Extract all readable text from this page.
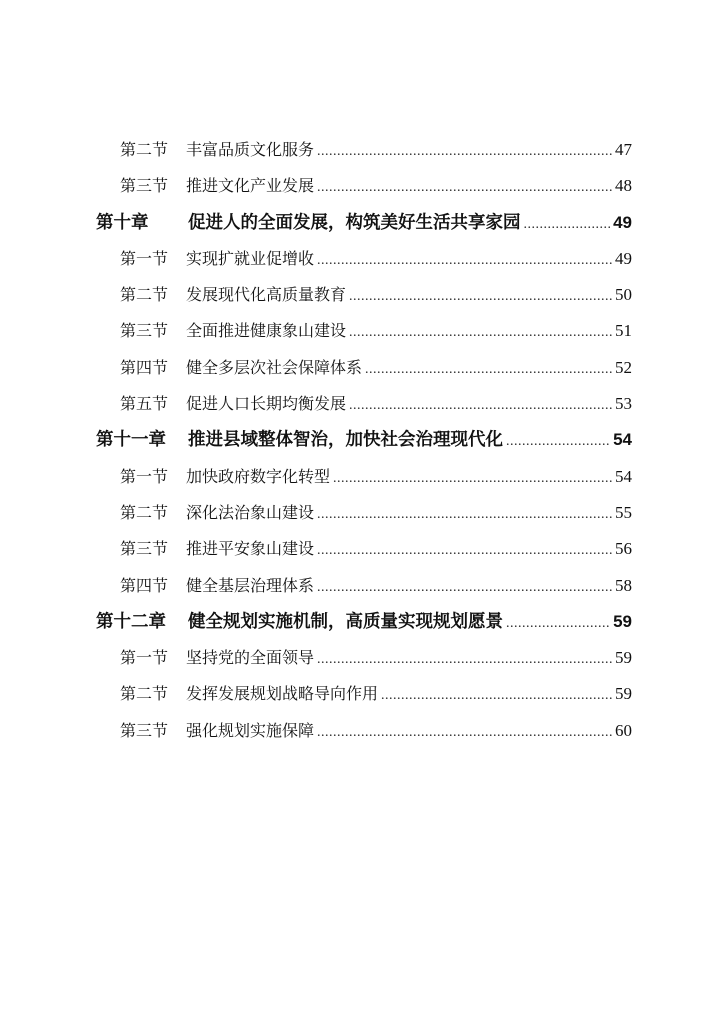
第二节	丰富品质文化服务 .....	47
第三节	推进文化产业发展 .....	48
第十章	促进人的全面发展，构筑美好生活共享家园 .....	49
第一节	实现扩就业促增收 .....	49
第二节	发展现代化高质量教育 .....	50
第三节	全面推进健康象山建设 .....	51
第四节	健全多层次社会保障体系 .....	52
第五节	促进人口长期均衡发展 .....	53
第十一章	推进县域整体智治，加快社会治理现代化 .....	54
第一节	加快政府数字化转型 .....	54
第二节	深化法治象山建设 .....	55
第三节	推进平安象山建设 .....	56
第四节	健全基层治理体系 .....	58
第十二章	健全规划实施机制，高质量实现规划愿景 .....	59
第一节	坚持党的全面领导 .....	59
第二节	发挥发展规划战略导向作用 .....	59
第三节	强化规划实施保障 .....	60
